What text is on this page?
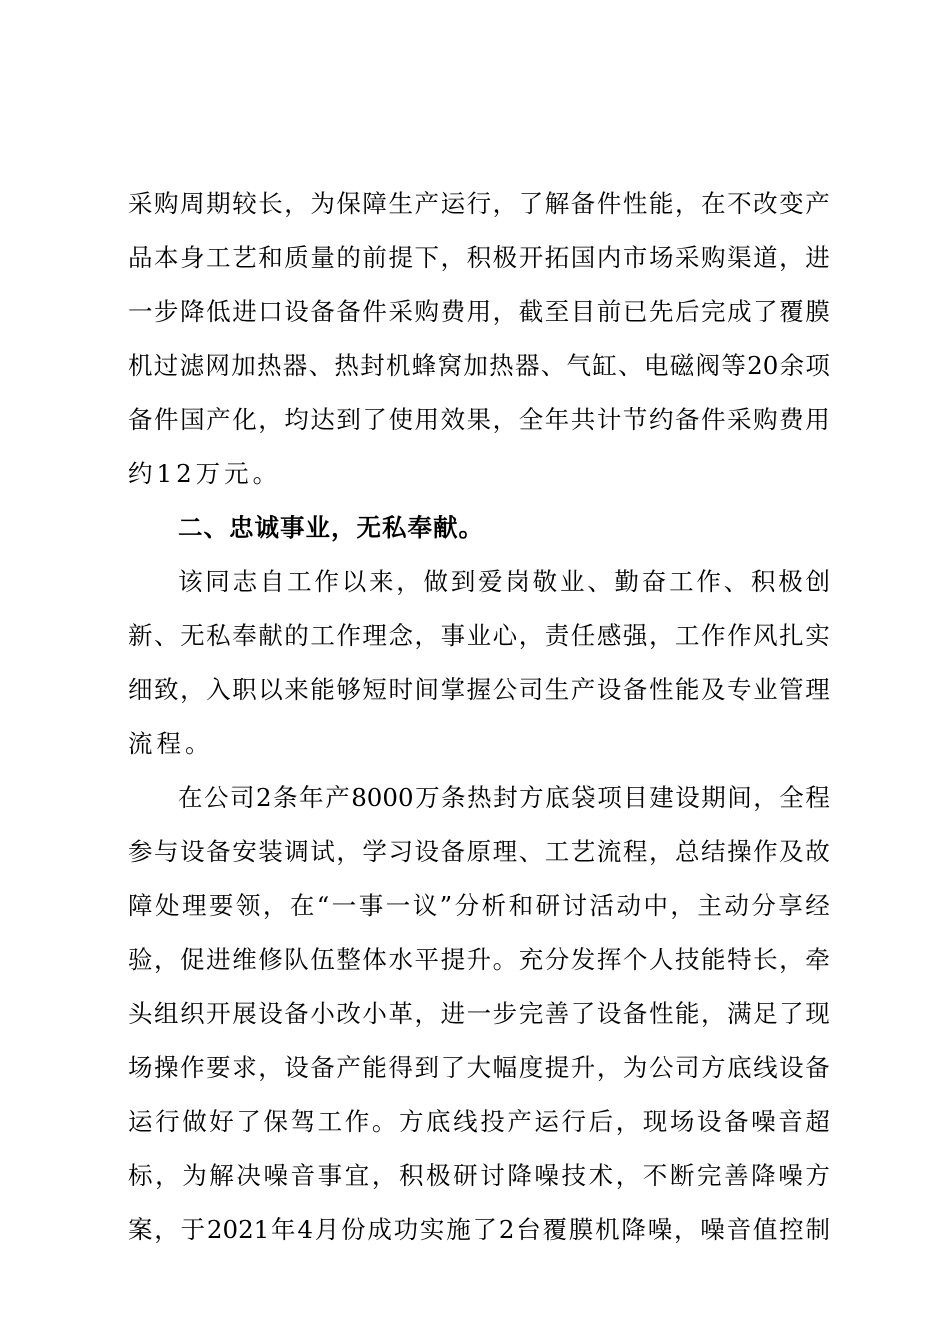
采 购 周 期 较 长 ， 为 保 障 生 产 运 行 ， 了 解 备 件 性 能 ， 在 不 改 变 产
品 本 身 工 艺 和 质 量 的 前 提 下 ， 积 极 开 拓 国 内 市 场 采 购 渠 道 ， 进
一 步 降 低 进 口 设 备 备 件 采 购 费 用 ， 截 至 目 前 已 先 后 完 成 了 覆 膜
机 过 滤 网 加 热 器 、 热 封 机 蜂 窝 加 热 器 、 气 缸 、 电 磁 阀 等 20 余 项
备 件 国 产 化 ， 均 达 到 了 使 用 效 果 ， 全 年 共 计 节 约 备 件 采 购 费 用
约12万元。
二、忠诚事业，无私奉献。
该 同 志 自 工 作 以 来 ， 做 到 爱 岗 敬 业 、 勤 奋 工 作 、 积 极 创
新 、 无 私 奉 献 的 工 作 理 念 ， 事 业 心 ， 责 任 感 强 ， 工 作 作 风 扎 实
细 致 ， 入 职 以 来 能 够 短 时 间 掌 握 公 司 生 产 设 备 性 能 及 专 业 管 理
流程。
在 公 司 2 条 年 产 8000 万 条 热 封 方 底 袋 项 目 建 设 期 间 ， 全 程
参 与 设 备 安 装 调 试 ， 学 习 设 备 原 理 、 工 艺 流 程 ， 总 结 操 作 及 故
障 处 理 要 领 ， 在 “ 一 事 一 议 ” 分 析 和 研 讨 活 动 中 ， 主 动 分 享 经
验 ， 促 进 维 修 队 伍 整 体 水 平 提 升 。 充 分 发 挥 个 人 技 能 特 长 ， 牵
头 组 织 开 展 设 备 小 改 小 革 ， 进 一 步 完 善 了 设 备 性 能 ， 满 足 了 现
场 操 作 要 求 ， 设 备 产 能 得 到 了 大 幅 度 提 升 ， 为 公 司 方 底 线 设 备
运 行 做 好 了 保 驾 工 作 。 方 底 线 投 产 运 行 后 ， 现 场 设 备 噪 音 超
标 ， 为 解 决 噪 音 事 宜 ， 积 极 研 讨 降 噪 技 术 ， 不 断 完 善 降 噪 方
案 ， 于 2021 年 4 月 份 成 功 实 施 了 2 台 覆 膜 机 降 噪 ， 噪 音 值 控 制
